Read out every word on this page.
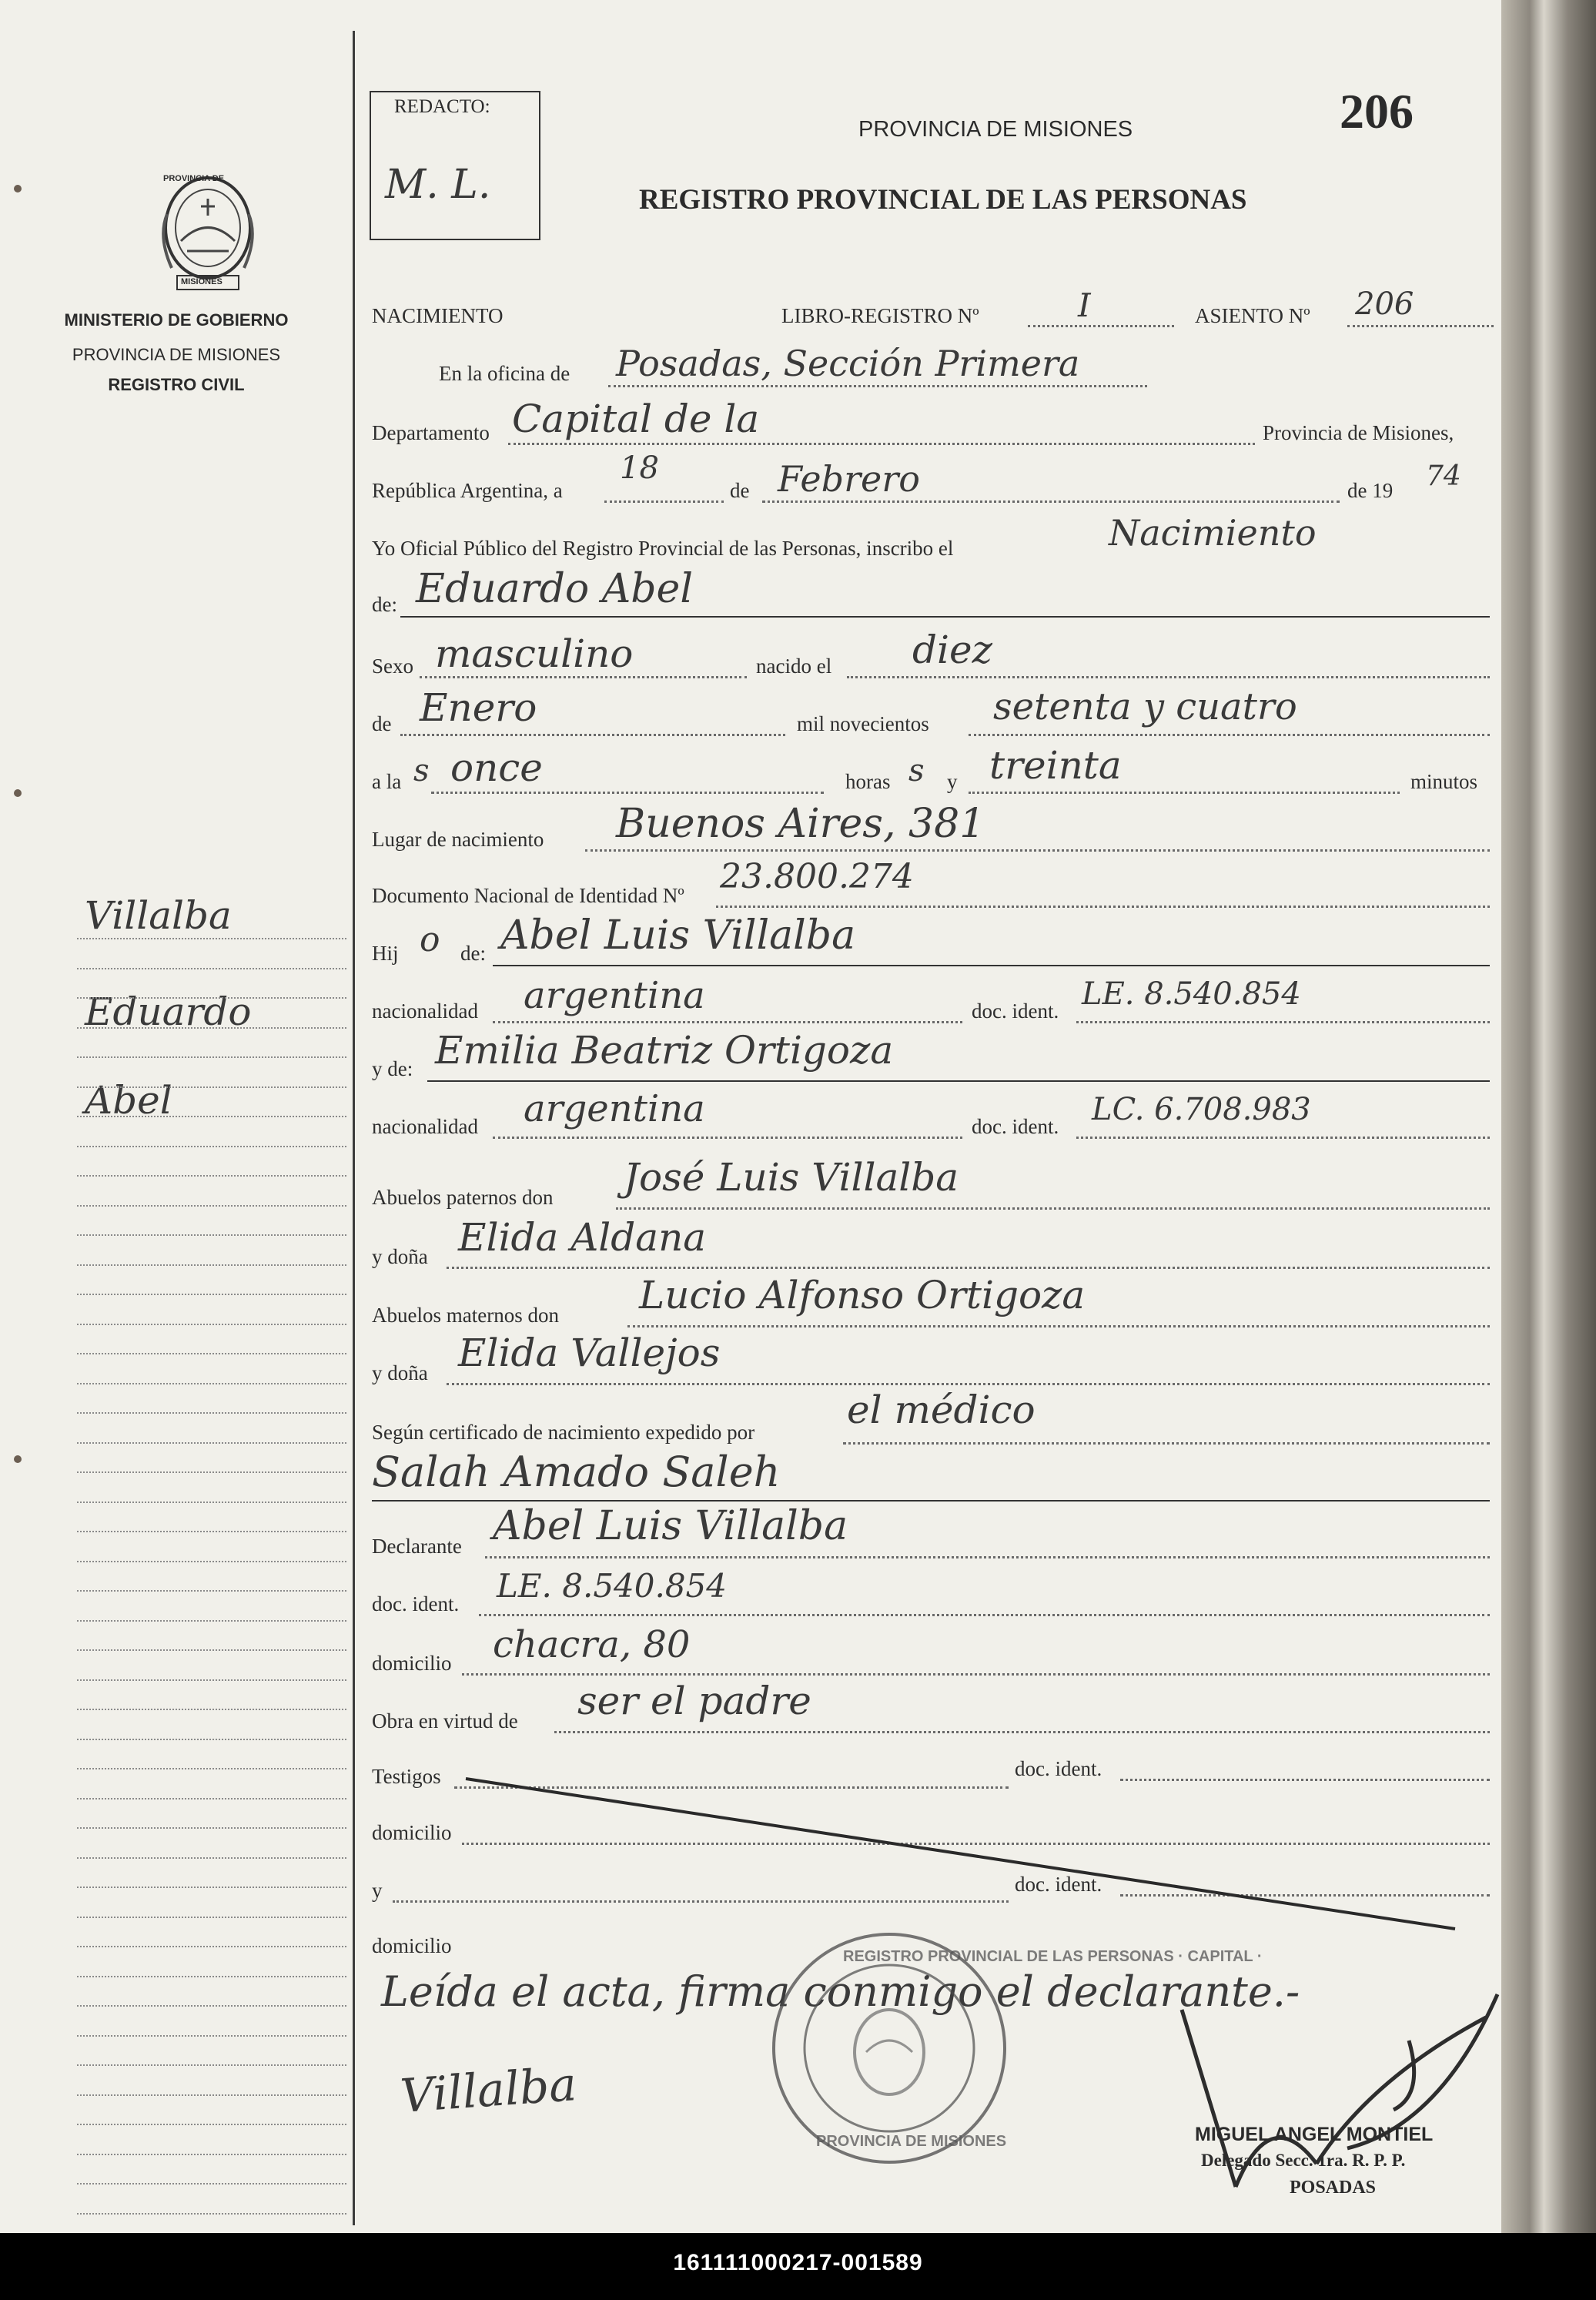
PROVINCIA DE
MISIONES
MINISTERIO DE GOBIERNO
PROVINCIA DE MISIONES
REGISTRO CIVIL
Villalba
Eduardo
Abel
REDACTO:
M. L.
PROVINCIA DE MISIONES	206
REGISTRO PROVINCIAL DE LAS PERSONAS
NACIMIENTO	LIBRO-REGISTRO Nº	I	ASIENTO Nº 206
En la oficina de Posadas, Sección Primera
Departamento Capital de la	Provincia de Misiones,
República Argentina, a
18
de Febrero	de 19 74
Yo Oficial Público del Registro Provincial de las Personas, inscribo el	Nacimiento
de: Eduardo Abel
Sexo masculino	nacido el diez
de Enero	mil novecientos setenta y cuatro
a la s once	horas s y treinta	minutos
Lugar de nacimiento Buenos Aires, 381
Documento Nacional de Identidad Nº 23.800.274
Hij o de: Abel Luis Villalba
nacionalidad argentina	doc. ident. LE. 8.540.854
y de: Emilia Beatriz Ortigoza
nacionalidad argentina	doc. ident. LC. 6.708.983
Abuelos paternos don José Luis Villalba
y doña Elida Aldana
Abuelos maternos don Lucio Alfonso Ortigoza
y doña Elida Vallejos
Según certificado de nacimiento expedido por el médico
Salah Amado Saleh
Declarante Abel Luis Villalba
doc. ident. LE. 8.540.854
domicilio chacra, 80
Obra en virtud de ser el padre
Testigos	doc. ident.
domicilio
y	doc. ident.
domicilio
Leída el acta, firma conmigo el declarante.-
Villalba
REGISTRO PROVINCIAL DE LAS PERSONAS · CAPITAL ·
PROVINCIA DE MISIONES	MIGUEL ANGEL MONTIEL
Delegado Secc. 1ra. R. P. P.
POSADAS
161111000217-001589
